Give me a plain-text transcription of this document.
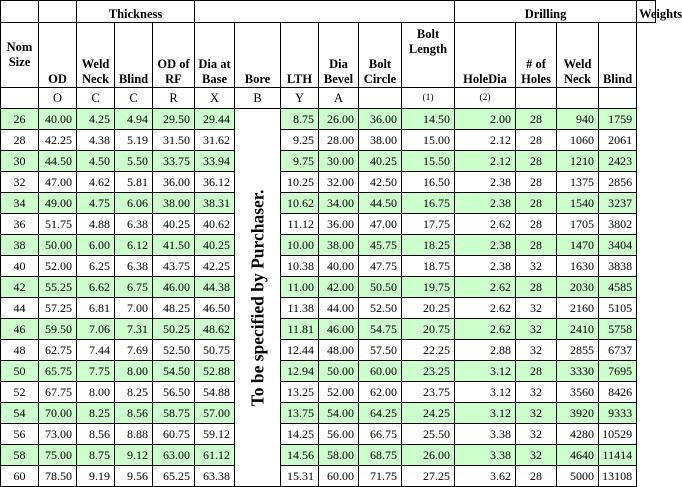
		Thickness									Drilling				Weights
Nom Size	OD	Weld Neck	Blind	OD of RF	Dia at Base	Bore	LTH	Dia Bevel	Bolt Circle	Bolt Length	HoleDia	# of Holes	Weld Neck	Blind	
	O	C	C	R	X	B	Y	A		(1)	(2)				
26	40.00	4.25	4.94	29.50	29.44	To be specified by Purchaser.	8.75	26.00	36.00	14.50	2.00	28	940	1759	
28	42.25	4.38	5.19	31.50	31.62		9.25	28.00	38.00	15.00	2.12	28	1060	2061	
30	44.50	4.50	5.50	33.75	33.94		9.75	30.00	40.25	15.50	2.12	28	1210	2423	
32	47.00	4.62	5.81	36.00	36.12		10.25	32.00	42.50	16.50	2.38	28	1375	2856	
34	49.00	4.75	6.06	38.00	38.31		10.62	34.00	44.50	16.75	2.38	28	1540	3237	
36	51.75	4.88	6.38	40.25	40.62		11.12	36.00	47.00	17.75	2.62	28	1705	3802	
38	50.00	6.00	6.12	41.50	40.25		10.00	38.00	45.75	18.25	2.38	28	1470	3404	
40	52.00	6.25	6.38	43.75	42.25		10.38	40.00	47.75	18.75	2.38	32	1630	3838	
42	55.25	6.62	6.75	46.00	44.38		11.00	42.00	50.50	19.75	2.62	28	2030	4585	
44	57.25	6.81	7.00	48.25	46.50		11.38	44.00	52.50	20.25	2.62	32	2160	5105	
46	59.50	7.06	7.31	50.25	48.62		11.81	46.00	54.75	20.75	2.62	32	2410	5758	
48	62.75	7.44	7.69	52.50	50.75		12.44	48.00	57.50	22.25	2.88	32	2855	6737	
50	65.75	7.75	8.00	54.50	52.88		12.94	50.00	60.00	23.25	3.12	28	3330	7695	
52	67.75	8.00	8.25	56.50	54.88		13.25	52.00	62.00	23.75	3.12	32	3560	8426	
54	70.00	8.25	8.56	58.75	57.00		13.75	54.00	64.25	24.25	3.12	32	3920	9333	
56	73.00	8.56	8.88	60.75	59.12		14.25	56.00	66.75	25.50	3.38	32	4280	10529	
58	75.00	8.75	9.12	63.00	61.12		14.56	58.00	68.75	26.00	3.38	32	4640	11414	
60	78.50	9.19	9.56	65.25	63.38		15.31	60.00	71.75	27.25	3.62	28	5000	13108	
